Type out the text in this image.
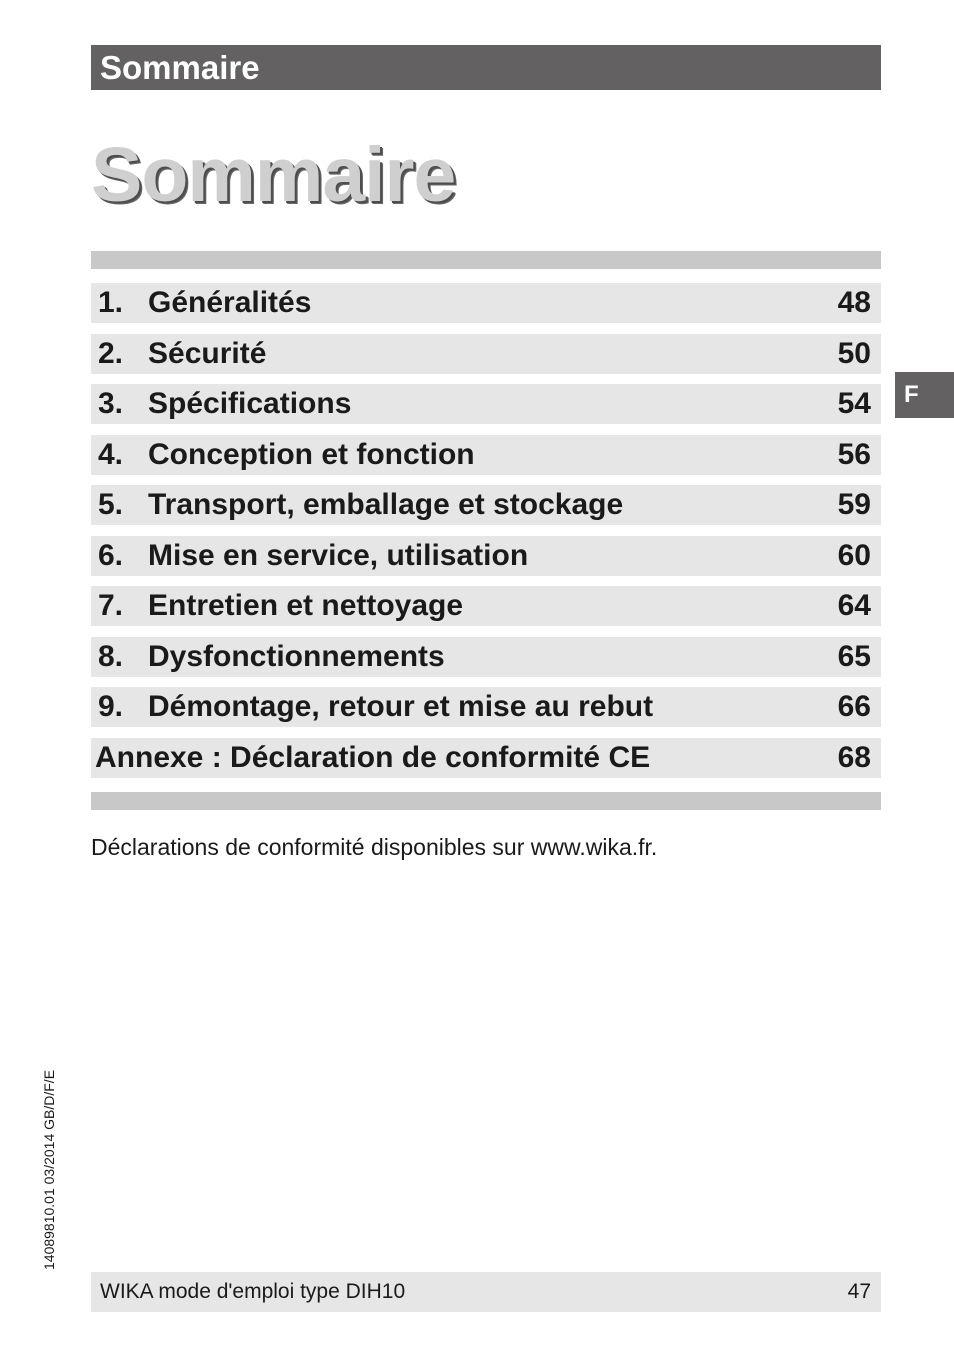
Sommaire
Sommaire
1. Généralités	48
2. Sécurité	50
3. Spécifications	54
4. Conception et fonction	56
5. Transport, emballage et stockage	59
6. Mise en service, utilisation	60
7. Entretien et nettoyage	64
8. Dysfonctionnements	65
9. Démontage, retour et mise au rebut	66
Annexe : Déclaration de conformité CE	68
Déclarations de conformité disponibles sur www.wika.fr.
F
14089810.01 03/2014 GB/D/F/E
WIKA mode d'emploi type DIH10	47
